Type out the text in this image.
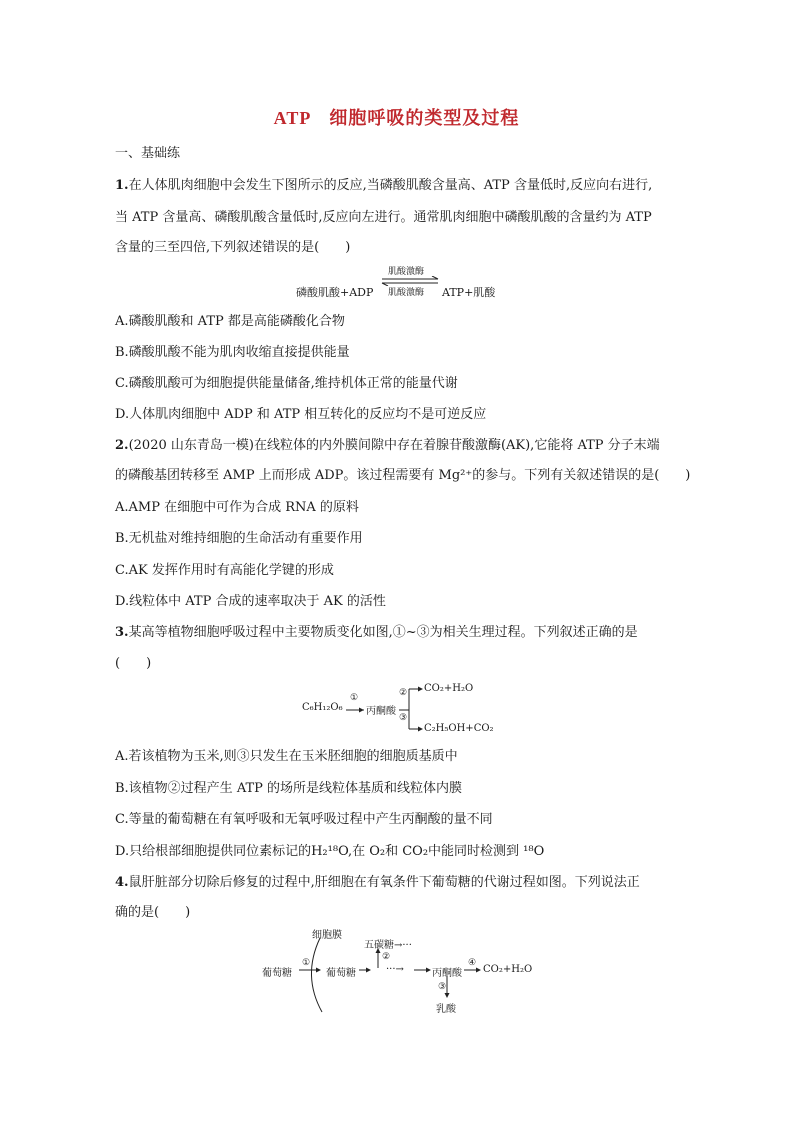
ATP　细胞呼吸的类型及过程
一、基础练
1.在人体肌肉细胞中会发生下图所示的反应,当磷酸肌酸含量高、ATP 含量低时,反应向右进行,
当 ATP 含量高、磷酸肌酸含量低时,反应向左进行。通常肌肉细胞中磷酸肌酸的含量约为 ATP
含量的三至四倍,下列叙述错误的是(　　)
磷酸肌酸+ADP
肌酸激酶
肌酸激酶 ATP+肌酸
A.磷酸肌酸和 ATP 都是高能磷酸化合物
B.磷酸肌酸不能为肌肉收缩直接提供能量
C.磷酸肌酸可为细胞提供能量储备,维持机体正常的能量代谢
D.人体肌肉细胞中 ADP 和 ATP 相互转化的反应均不是可逆反应
2.(2020 山东青岛一模)在线粒体的内外膜间隙中存在着腺苷酸激酶(AK),它能将 ATP 分子末端
的磷酸基团转移至 AMP 上而形成 ADP。该过程需要有 Mg²⁺的参与。下列有关叙述错误的是(　　)
A.AMP 在细胞中可作为合成 RNA 的原料
B.无机盐对维持细胞的生命活动有重要作用
C.AK 发挥作用时有高能化学键的形成
D.线粒体中 ATP 合成的速率取决于 AK 的活性
3.某高等植物细胞呼吸过程中主要物质变化如图,①~③为相关生理过程。下列叙述正确的是
(　　)
C₆H₁₂O₆
①
丙酮酸
②
③
CO₂+H₂O
C₂H₅OH+CO₂
A.若该植物为玉米,则③只发生在玉米胚细胞的细胞质基质中
B.该植物②过程产生 ATP 的场所是线粒体基质和线粒体内膜
C.等量的葡萄糖在有氧呼吸和无氧呼吸过程中产生丙酮酸的量不同
D.只给根部细胞提供同位素标记的H₂¹⁸O,在 O₂和 CO₂中能同时检测到 ¹⁸O
4.鼠肝脏部分切除后修复的过程中,肝细胞在有氧条件下葡萄糖的代谢过程如图。下列说法正
确的是(　　)
细胞膜
葡萄糖
①
葡萄糖
五碳糖→···
②
···→	丙酮酸
④
CO₂+H₂O
③
乳酸
